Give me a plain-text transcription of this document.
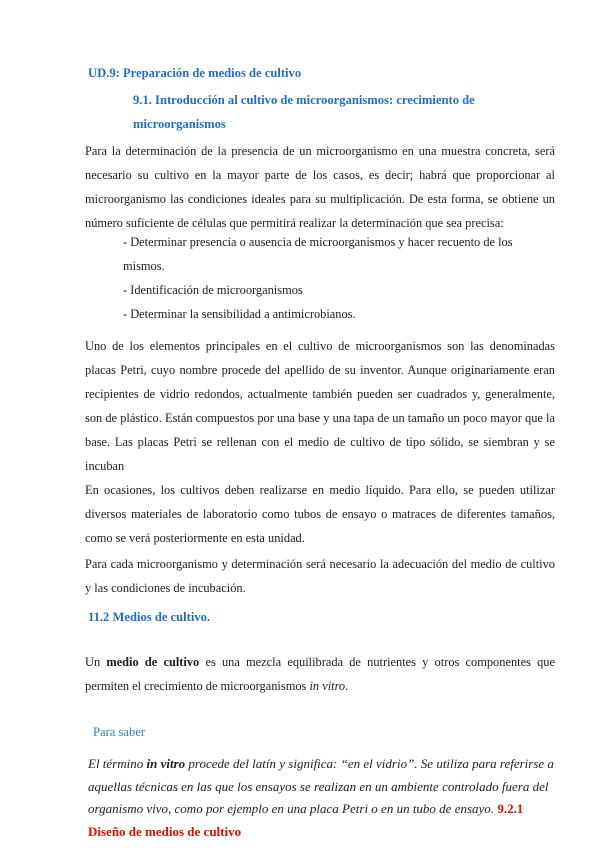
UD.9: Preparación de medios de cultivo
9.1. Introducción al cultivo de microorganismos: crecimiento de microorganismos

Para la determinación de la presencia de un microorganismo en una muestra concreta, será necesario su cultivo en la mayor parte de los casos, es decir; habrá que proporcionar al microorganismo las condiciones ideales para su multiplicación. De esta forma, se obtiene un número suficiente de células que permitirá realizar la determinación que sea precisa:

- Determinar presencia o ausencia de microorganismos y hacer recuento de los mismos.
- Identificación de microorganismos
- Determinar la sensibilidad a antimicrobianos.

Uno de los elementos principales en el cultivo de microorganismos son las denominadas placas Petri, cuyo nombre procede del apellido de su inventor. Aunque originariamente eran recipientes de vidrio redondos, actualmente también pueden ser cuadrados y, generalmente, son de plástico. Están compuestos por una base y una tapa de un tamaño un poco mayor que la base. Las placas Petri se rellenan con el medio de cultivo de tipo sólido, se siembran y se incuban

En ocasiones, los cultivos deben realizarse en medio líquido. Para ello, se pueden utilizar diversos materiales de laboratorio como tubos de ensayo o matraces de diferentes tamaños, como se verá posteriormente en esta unidad.

Para cada microorganismo y determinación será necesario la adecuación del medio de cultivo y las condiciones de incubación.

11.2 Medios de cultivo.

Un medio de cultivo es una mezcla equilibrada de nutrientes y otros componentes que permiten el crecimiento de microorganismos in vitro.

Para saber

El término in vitro procede del latín y significa: “en el vidrio”. Se utiliza para referirse a aquellas técnicas en las que los ensayos se realizan en un ambiente controlado fuera del organismo vivo, como por ejemplo en una placa Petri o en un tubo de ensayo. 9.2.1 Diseño de medios de cultivo
